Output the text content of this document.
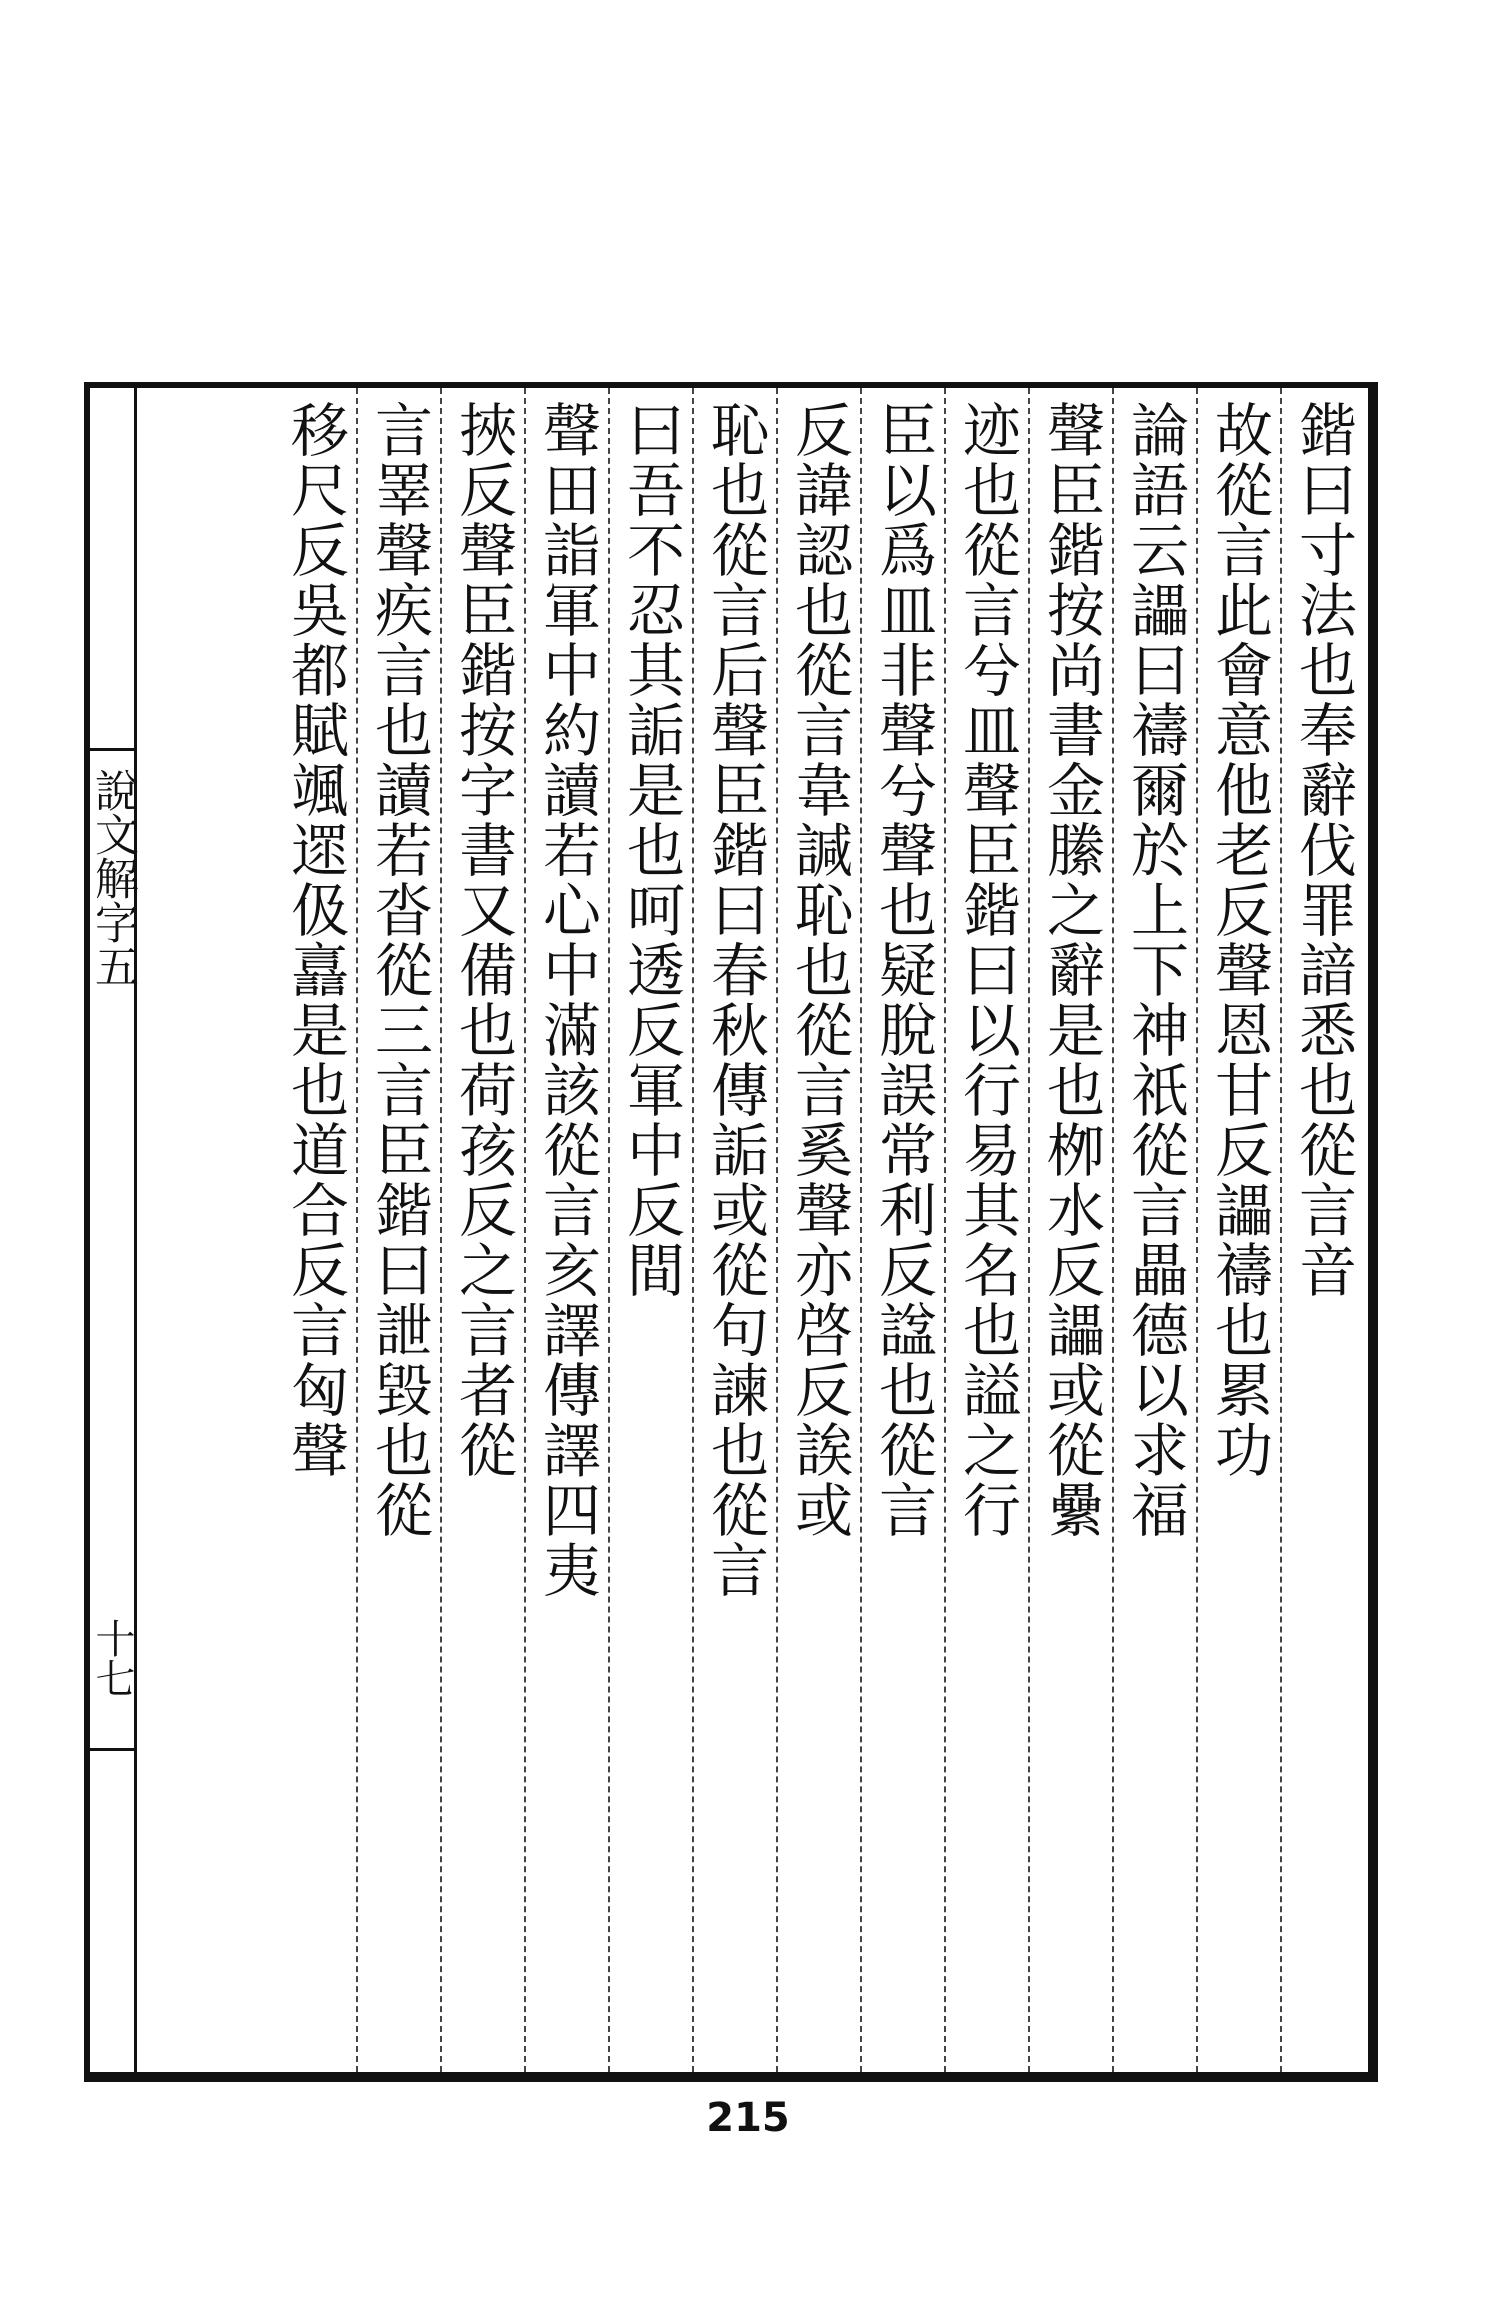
說文解字五
十七
鍇曰寸法也奉辭伐罪諳悉也從言音
故從言此會意他老反聲恩甘反讄禱也累功
論語云讄曰禱爾於上下神祇從言畾德以求福
聲臣鍇按尚書金縢之辭是也栁水反讄或從纍
迹也從言兮皿聲臣鍇曰以行易其名也謚之行
臣以爲皿非聲兮聲也疑脫誤常利反諡也從言
反諱認也從言韋諴恥也從言奚聲亦啓反誒或
恥也從言后聲臣鍇曰春秋傳詬或從句諫也從言
曰吾不忍其詬是也呵透反軍中反間
聲田詣軍中約讀若心中滿該從言亥譯傳譯四夷
挾反聲臣鍇按字書又備也荷孩反之言者從
言睪聲疾言也讀若沓從三言臣鍇曰詍毀也從
移尺反吳都賦颯遝伋譶是也道合反言匈聲
215
